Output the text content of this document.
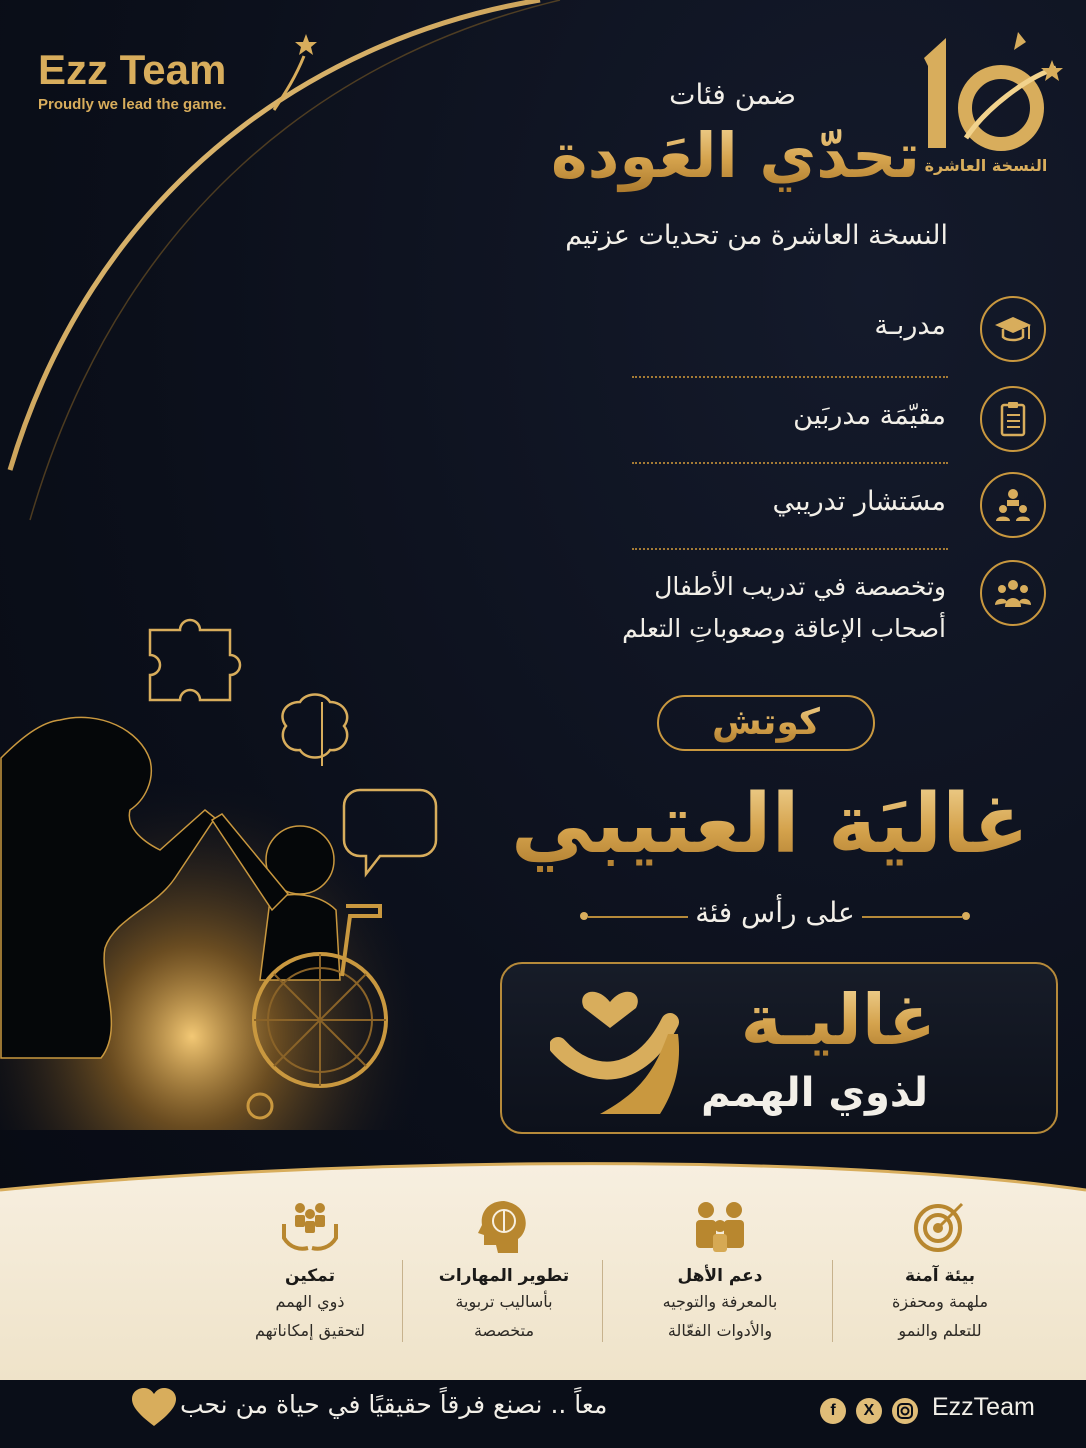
Ezz Team
Proudly we lead the game.
النسخة العاشرة
ضمن فئات
تحدّي العَودة
النسخة العاشرة من تحديات عزتيم
مدربـة
مقيّمَة مدربَين
مسَتشار تدريبي
وتخصصة في تدريب الأطفال
أصحاب الإعاقة وصعوباتِ التعلم
كوتش
غاليَة العتيبي
على رأس فئة
غاليـة
لذوي الهمم
بيئة آمنة
ملهمة ومحفزة
للتعلم والنمو
دعم الأهل
بالمعرفة والتوجيه
والأدوات الفعّالة
تطوير المهارات
بأساليب تربوية
متخصصة
تمكين
ذوي الهمم
لتحقيق إمكاناتهم
معاً .. نصنع فرقاً حقيقيًا في حياة من نحب	f	X	EzzTeam
